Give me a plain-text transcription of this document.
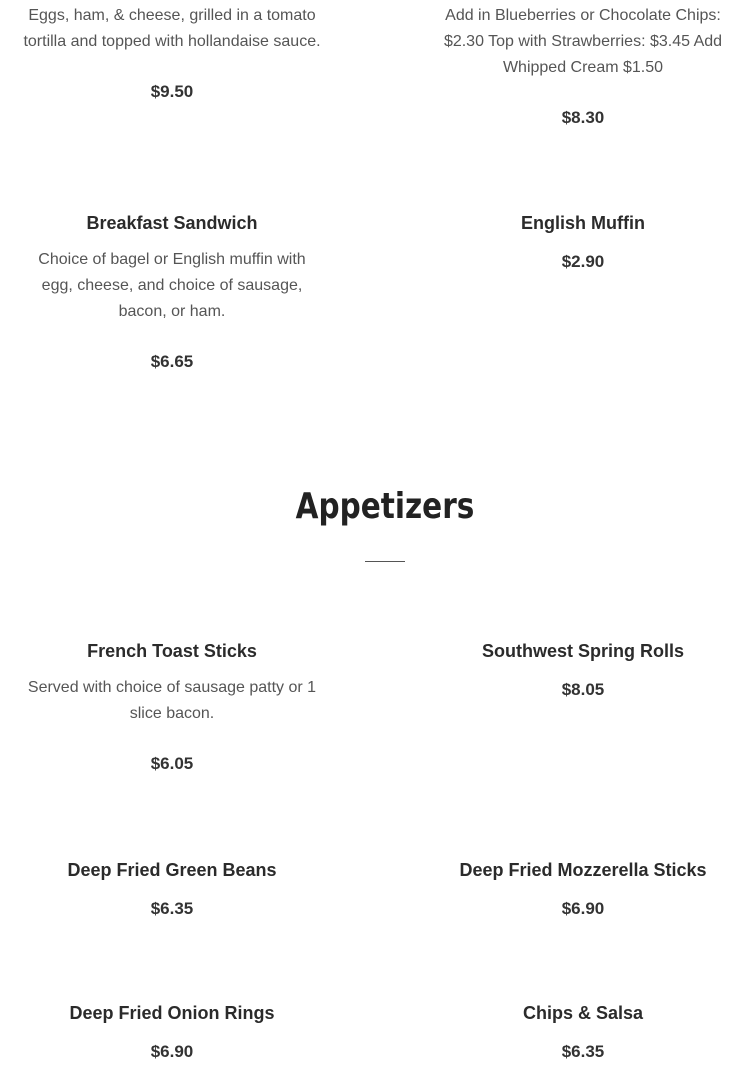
Eggs, ham, & cheese, grilled in a tomato tortilla and topped with hollandaise sauce.

$9.50

Add in Blueberries or Chocolate Chips: $2.30 Top with Strawberries: $3.45 Add Whipped Cream $1.50

$8.30

Breakfast Sandwich

Choice of bagel or English muffin with egg, cheese, and choice of sausage, bacon, or ham.

$6.65

English Muffin

$2.90

Appetizers

French Toast Sticks

Served with choice of sausage patty or 1 slice bacon.

$6.05

Southwest Spring Rolls

$8.05

Deep Fried Green Beans

$6.35

Deep Fried Mozzerella Sticks

$6.90

Deep Fried Onion Rings

$6.90

Chips & Salsa

$6.35
